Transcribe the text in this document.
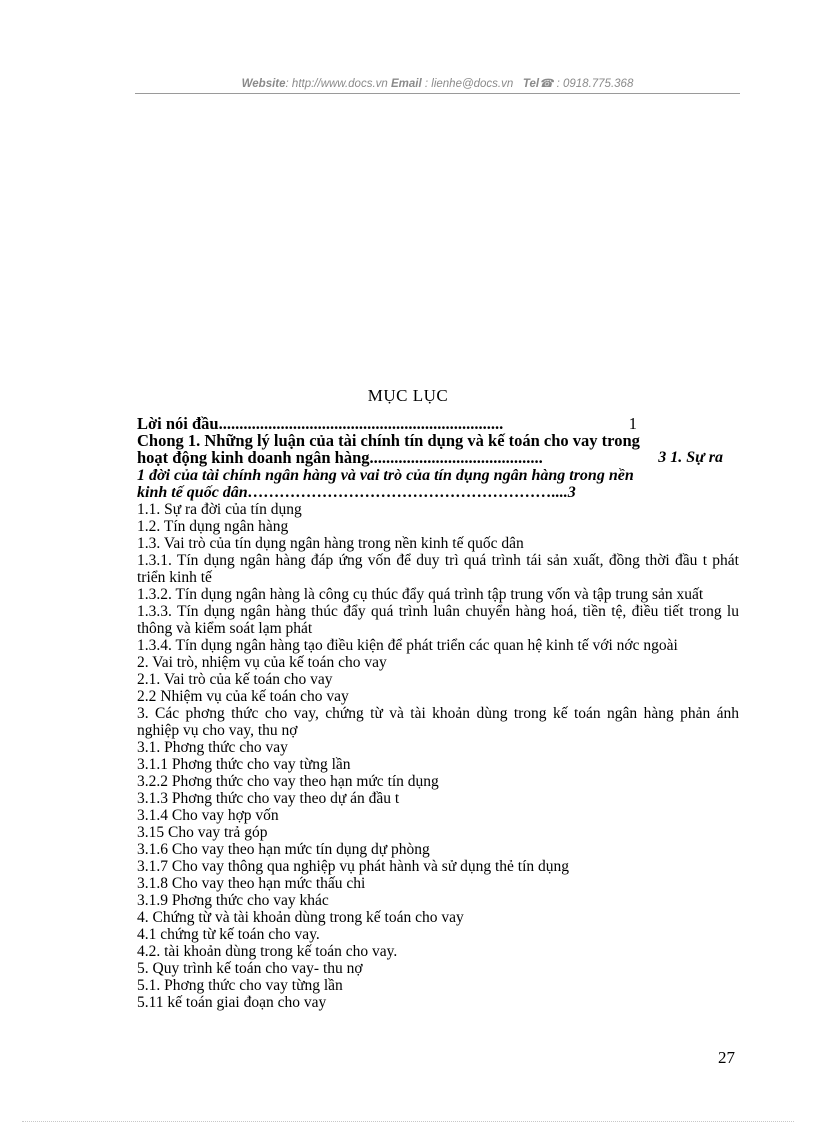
Website: http://www.docs.vn Email : lienhe@docs.vn Tel☎ : 0918.775.368
MỤC LỤC

Lời nói đầu.....................................................................	1

Chong 1. Những lý luận của tài chính tín dụng và kế toán cho vay trong

hoạt động kinh doanh ngân hàng..........................................	3 1. Sự ra

1 đời của tài chính ngân hàng và vai trò của tín dụng ngân hàng trong nền

kinh tế quốc dân…………………………………………………....3

1.1. Sự ra đời của tín dụng

1.2. Tín dụng ngân hàng

1.3. Vai trò của tín dụng ngân hàng trong nền kinh tế quốc dân

1.3.1. Tín dụng ngân hàng đáp ứng vốn để duy trì quá trình tái sản xuất, đồng thời đầu t phát triển kinh tế

1.3.2. Tín dụng ngân hàng là công cụ thúc đẩy quá trình tập trung vốn và tập trung sản xuất

1.3.3. Tín dụng ngân hàng thúc đẩy quá trình luân chuyển hàng hoá, tiền tệ, điều tiết trong lu thông và kiểm soát lạm phát

1.3.4. Tín dụng ngân hàng tạo điều kiện để phát triển các quan hệ kinh tế với nớc ngoài

2. Vai trò, nhiệm vụ của kế toán cho vay

2.1. Vai trò của kế toán cho vay

2.2 Nhiệm vụ của kế toán cho vay

3. Các phơng thức cho vay, chứng từ và tài khoản dùng trong kế toán ngân hàng phản ánh nghiệp vụ cho vay, thu nợ

3.1. Phơng thức cho vay

3.1.1 Phơng thức cho vay từng lần

3.2.2 Phơng thức cho vay theo hạn mức tín dụng

3.1.3 Phơng thức cho vay theo dự án đầu t

3.1.4 Cho vay hợp vốn

3.15 Cho vay trả góp

3.1.6 Cho vay theo hạn mức tín dụng dự phòng

3.1.7 Cho vay thông qua nghiệp vụ phát hành và sử dụng thẻ tín dụng

3.1.8 Cho vay theo hạn mức thấu chi

3.1.9 Phơng thức cho vay khác

4. Chứng từ và tài khoản dùng trong kế toán cho vay

4.1 chứng từ kế toán cho vay.

4.2. tài khoản dùng trong kế toán cho vay.

5. Quy trình kế toán cho vay- thu nợ

5.1. Phơng thức cho vay từng lần

5.11 kế toán giai đoạn cho vay

27
